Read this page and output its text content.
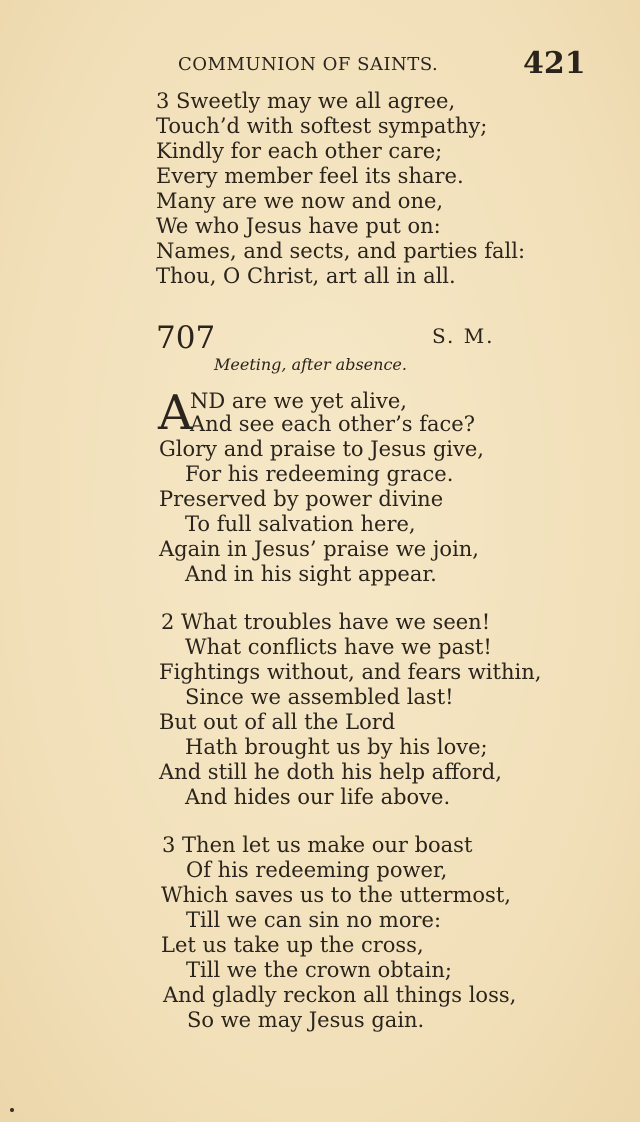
COMMUNION OF SAINTS.	421
3 Sweetly may we all agree,
Touch’d with softest sympathy;
Kindly for each other care;
Every member feel its share.
Many are we now and one,
We who Jesus have put on:
Names, and sects, and parties fall:
Thou, O Christ, art all in all.
707	S. M.
Meeting, after absence.
A
ND are we yet alive,
And see each other’s face?
Glory and praise to Jesus give,
For his redeeming grace.
Preserved by power divine
To full salvation here,
Again in Jesus’ praise we join,
And in his sight appear.
2 What troubles have we seen!
What conflicts have we past!
Fightings without, and fears within,
Since we assembled last!
But out of all the Lord
Hath brought us by his love;
And still he doth his help afford,
And hides our life above.
3 Then let us make our boast
Of his redeeming power,
Which saves us to the uttermost,
Till we can sin no more:
Let us take up the cross,
Till we the crown obtain;
And gladly reckon all things loss,
So we may Jesus gain.
